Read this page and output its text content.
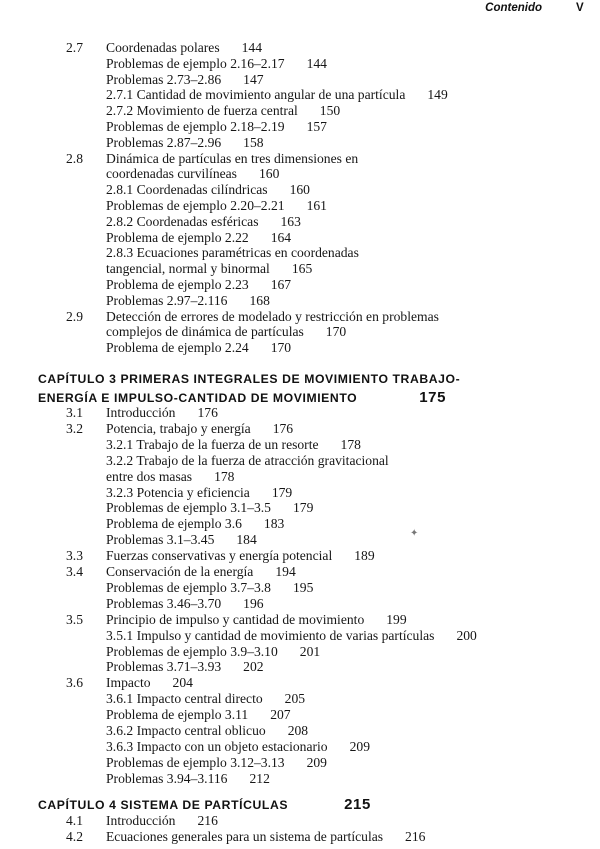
Contenido	V
2.7 Coordenadas polares 144
Problemas de ejemplo 2.16–2.17 144
Problemas 2.73–2.86 147
2.7.1 Cantidad de movimiento angular de una partícula 149
2.7.2 Movimiento de fuerza central 150
Problemas de ejemplo 2.18–2.19 157
Problemas 2.87–2.96 158
2.8 Dinámica de partículas en tres dimensiones en
coordenadas curvilíneas 160
2.8.1 Coordenadas cilíndricas 160
Problemas de ejemplo 2.20–2.21 161
2.8.2 Coordenadas esféricas 163
Problema de ejemplo 2.22 164
2.8.3 Ecuaciones paramétricas en coordenadas
tangencial, normal y binormal 165
Problema de ejemplo 2.23 167
Problemas 2.97–2.116 168
2.9 Detección de errores de modelado y restricción en problemas
complejos de dinámica de partículas 170
Problema de ejemplo 2.24 170
CAPÍTULO 3 PRIMERAS INTEGRALES DE MOVIMIENTO TRABAJO-
ENERGÍA E IMPULSO-CANTIDAD DE MOVIMIENTO	175
3.1 Introducción 176
3.2 Potencia, trabajo y energía 176
3.2.1 Trabajo de la fuerza de un resorte 178
3.2.2 Trabajo de la fuerza de atracción gravitacional
entre dos masas 178
3.2.3 Potencia y eficiencia 179
Problemas de ejemplo 3.1–3.5 179
Problema de ejemplo 3.6 183
Problemas 3.1–3.45 184
3.3 Fuerzas conservativas y energía potencial 189
3.4 Conservación de la energía 194
Problemas de ejemplo 3.7–3.8 195
Problemas 3.46–3.70 196
3.5 Principio de impulso y cantidad de movimiento 199
3.5.1 Impulso y cantidad de movimiento de varias partículas 200
Problemas de ejemplo 3.9–3.10 201
Problemas 3.71–3.93 202
3.6 Impacto 204
3.6.1 Impacto central directo 205
Problema de ejemplo 3.11 207
3.6.2 Impacto central oblicuo 208
3.6.3 Impacto con un objeto estacionario 209
Problemas de ejemplo 3.12–3.13 209
Problemas 3.94–3.116 212
CAPÍTULO 4 SISTEMA DE PARTÍCULAS	215
4.1 Introducción 216
4.2 Ecuaciones generales para un sistema de partículas 216
✦
